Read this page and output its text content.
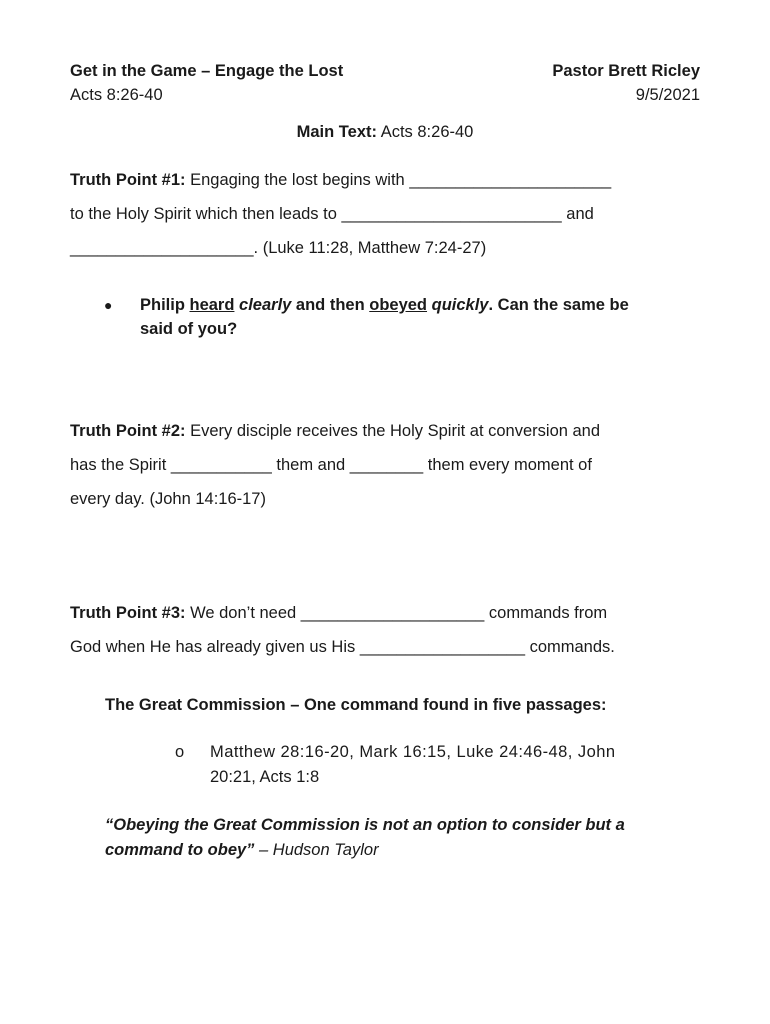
Get in the Game – Engage the Lost
Acts 8:26-40
Pastor Brett Ricley
9/5/2021
Main Text: Acts 8:26-40
Truth Point #1: Engaging the lost begins with ______________________
to the Holy Spirit which then leads to ________________________ and
____________________. (Luke 11:28, Matthew 7:24-27)
● Philip heard clearly and then obeyed quickly. Can the same be
said of you?
Truth Point #2: Every disciple receives the Holy Spirit at conversion and
has the Spirit ___________ them and ________ them every moment of
every day. (John 14:16-17)
Truth Point #3: We don’t need ____________________ commands from
God when He has already given us His __________________ commands.
The Great Commission – One command found in five passages:
o Matthew 28:16-20, Mark 16:15, Luke 24:46-48, John
20:21, Acts 1:8
“Obeying the Great Commission is not an option to consider but a
command to obey” – Hudson Taylor
